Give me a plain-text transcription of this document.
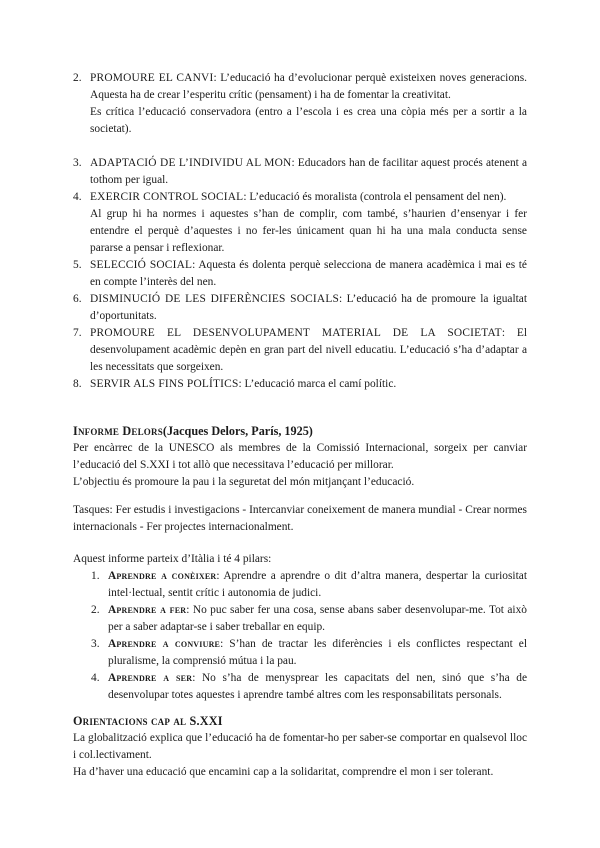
2. PROMOURE EL CANVI: L’educació ha d’evolucionar perquè existeixen noves generacions. Aquesta ha de crear l’esperitu crític (pensament) i ha de fomentar la creativitat.

Es crítica l’educació conservadora (entro a l’escola i es crea una còpia més per a sortir a la societat).

3. ADAPTACIÓ DE L’INDIVIDU AL MON: Educadors han de facilitar aquest procés atenent a tothom per igual.

4. EXERCIR CONTROL SOCIAL: L’educació és moralista (controla el pensament del nen).

Al grup hi ha normes i aquestes s’han de complir, com també, s’haurien d’ensenyar i fer entendre el perquè d’aquestes i no fer-les únicament quan hi ha una mala conducta sense pararse a pensar i reflexionar.

5. SELECCIÓ SOCIAL: Aquesta és dolenta perquè selecciona de manera acadèmica i mai es té en compte l’interès del nen.

6. DISMINUCIÓ DE LES DIFERÈNCIES SOCIALS: L’educació ha de promoure la igualtat d’oportunitats.

7. PROMOURE EL DESENVOLUPAMENT MATERIAL DE LA SOCIETAT: El desenvolupament acadèmic depèn en gran part del nivell educatiu. L’educació s’ha d’adaptar a les necessitats que sorgeixen.

8. SERVIR ALS FINS POLÍTICS: L’educació marca el camí polític.

Informe Delors(Jacques Delors, París, 1925)

Per encàrrec de la UNESCO als membres de la Comissió Internacional, sorgeix per canviar l’educació del S.XXI i tot allò que necessitava l’educació per millorar.

L’objectiu és promoure la pau i la seguretat del món mitjançant l’educació.

Tasques: Fer estudis i investigacions - Intercanviar coneixement de manera mundial - Crear normes internacionals - Fer projectes internacionalment.
Aquest informe parteix d’Itàlia i té 4 pilars:
1. Aprendre a conèixer: Aprendre a aprendre o dit d’altra manera, despertar la curiositat intel·lectual, sentit crític i autonomia de judici.

2. Aprendre a fer: No puc saber fer una cosa, sense abans saber desenvolupar-me. Tot això per a saber adaptar-se i saber treballar en equip.

3. Aprendre a conviure: S’han de tractar les diferències i els conflictes respectant el pluralisme, la comprensió mútua i la pau.

4. Aprendre a ser: No s’ha de menysprear les capacitats del nen, sinó que s’ha de desenvolupar totes aquestes i aprendre també altres com les responsabilitats personals.

Orientacions cap al S.XXI

La globalització explica que l’educació ha de fomentar-ho per saber-se comportar en qualsevol lloc i col.lectivament.

Ha d’haver una educació que encamini cap a la solidaritat, comprendre el mon i ser tolerant.
